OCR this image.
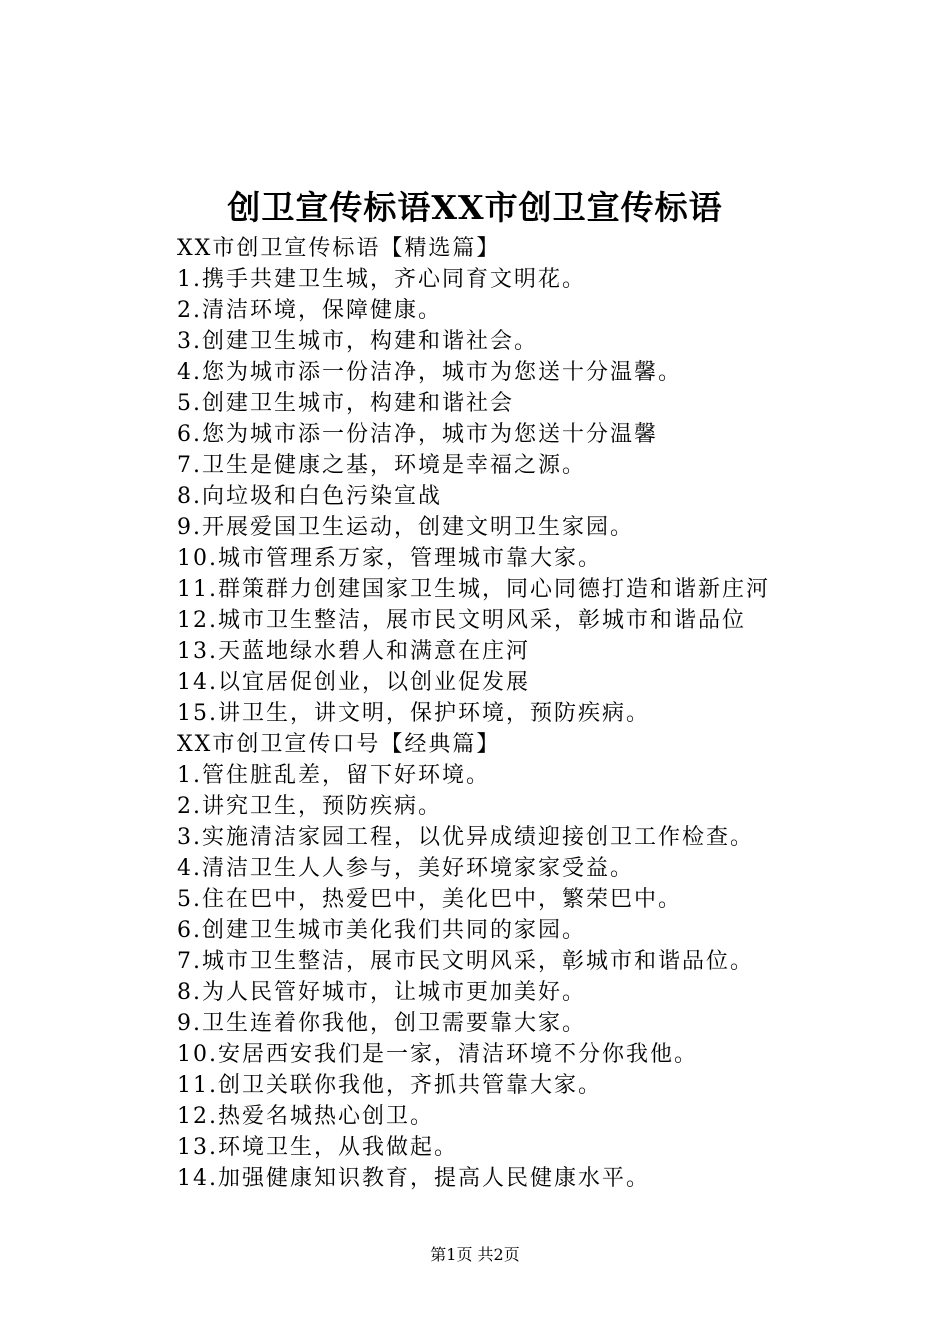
创卫宣传标语XX市创卫宣传标语
XX市创卫宣传标语【精选篇】
1.携手共建卫生城，齐心同育文明花。
2.清洁环境，保障健康。
3.创建卫生城市，构建和谐社会。
4.您为城市添一份洁净，城市为您送十分温馨。
5.创建卫生城市，构建和谐社会
6.您为城市添一份洁净，城市为您送十分温馨
7.卫生是健康之基，环境是幸福之源。
8.向垃圾和白色污染宣战
9.开展爱国卫生运动，创建文明卫生家园。
10.城市管理系万家，管理城市靠大家。
11.群策群力创建国家卫生城，同心同德打造和谐新庄河
12.城市卫生整洁，展市民文明风采，彰城市和谐品位
13.天蓝地绿水碧人和满意在庄河
14.以宜居促创业，以创业促发展
15.讲卫生，讲文明，保护环境，预防疾病。
XX市创卫宣传口号【经典篇】
1.管住脏乱差，留下好环境。
2.讲究卫生，预防疾病。
3.实施清洁家园工程，以优异成绩迎接创卫工作检查。
4.清洁卫生人人参与，美好环境家家受益。
5.住在巴中，热爱巴中，美化巴中，繁荣巴中。
6.创建卫生城市美化我们共同的家园。
7.城市卫生整洁，展市民文明风采，彰城市和谐品位。
8.为人民管好城市，让城市更加美好。
9.卫生连着你我他，创卫需要靠大家。
10.安居西安我们是一家，清洁环境不分你我他。
11.创卫关联你我他，齐抓共管靠大家。
12.热爱名城热心创卫。
13.环境卫生，从我做起。
14.加强健康知识教育，提高人民健康水平。
第1页 共2页
